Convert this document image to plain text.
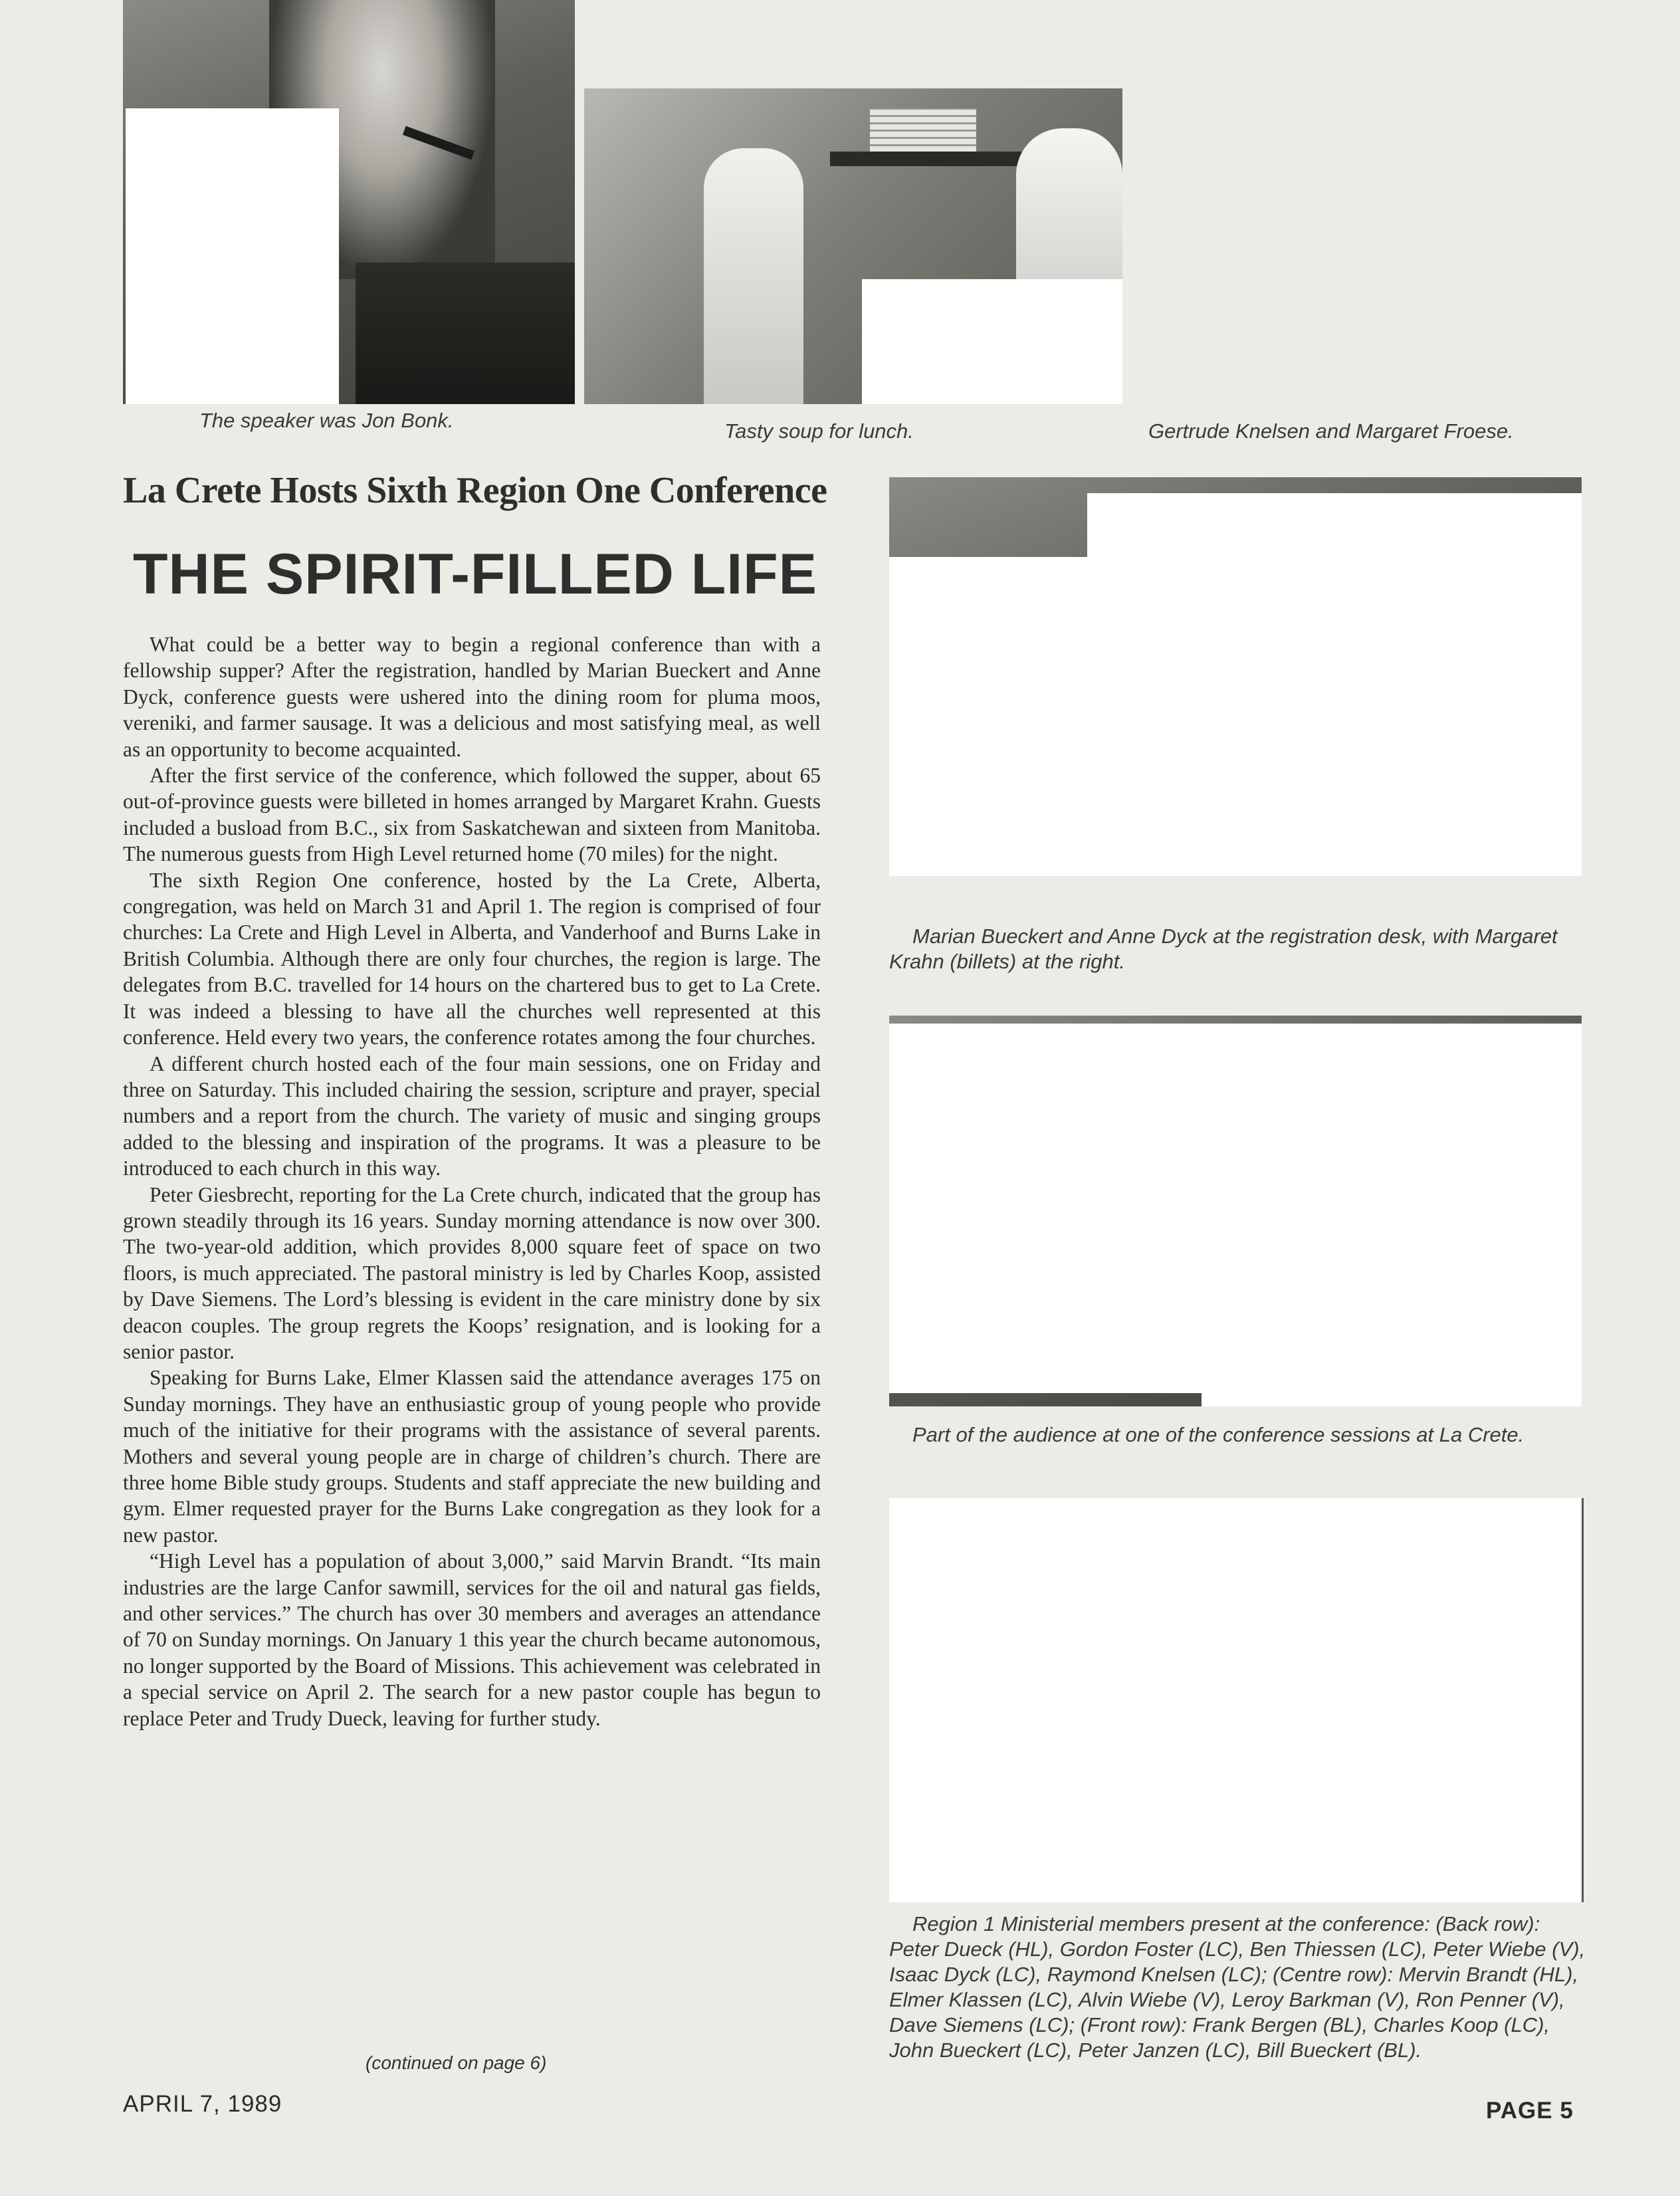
The speaker was Jon Bonk.	Tasty soup for lunch.	Gertrude Knelsen and Margaret Froese.
La Crete Hosts Sixth Region One Conference
THE SPIRIT-FILLED LIFE

What could be a better way to begin a regional conference than with a fellowship supper? After the registration, handled by Marian Bueckert and Anne Dyck, conference guests were ushered into the dining room for pluma moos, vereniki, and farmer sausage. It was a delicious and most satisfying meal, as well as an opportunity to become acquainted.

After the first service of the conference, which followed the supper, about 65 out-of-province guests were billeted in homes arranged by Margaret Krahn. Guests included a busload from B.C., six from Saskatchewan and sixteen from Manitoba. The numerous guests from High Level returned home (70 miles) for the night.

The sixth Region One conference, hosted by the La Crete, Alberta, congregation, was held on March 31 and April 1. The region is comprised of four churches: La Crete and High Level in Alberta, and Vanderhoof and Burns Lake in British Columbia. Although there are only four churches, the region is large. The delegates from B.C. travelled for 14 hours on the chartered bus to get to La Crete. It was indeed a blessing to have all the churches well represented at this conference. Held every two years, the conference rotates among the four churches.

A different church hosted each of the four main sessions, one on Friday and three on Saturday. This included chairing the session, scripture and prayer, special numbers and a report from the church. The variety of music and singing groups added to the blessing and inspiration of the programs. It was a pleasure to be introduced to each church in this way.

Peter Giesbrecht, reporting for the La Crete church, indicated that the group has grown steadily through its 16 years. Sunday morning attendance is now over 300. The two-year-old addition, which provides 8,000 square feet of space on two floors, is much appreciated. The pastoral ministry is led by Charles Koop, assisted by Dave Siemens. The Lord’s blessing is evident in the care ministry done by six deacon couples. The group regrets the Koops’ resignation, and is looking for a senior pastor.

Speaking for Burns Lake, Elmer Klassen said the attendance averages 175 on Sunday mornings. They have an enthusiastic group of young people who provide much of the initiative for their programs with the assistance of several parents. Mothers and several young people are in charge of children’s church. There are three home Bible study groups. Students and staff appreciate the new building and gym. Elmer requested prayer for the Burns Lake congregation as they look for a new pastor.

“High Level has a population of about 3,000,” said Marvin Brandt. “Its main industries are the large Canfor sawmill, services for the oil and natural gas fields, and other services.” The church has over 30 members and averages an attendance of 70 on Sunday mornings. On January 1 this year the church became autonomous, no longer supported by the Board of Missions. This achievement was celebrated in a special service on April 2. The search for a new pastor couple has begun to replace Peter and Trudy Dueck, leaving for further study.

(continued on page 6)
Marian Bueckert and Anne Dyck at the registration desk, with Margaret Krahn (billets) at the right.
Part of the audience at one of the conference sessions at La Crete.
Region 1 Ministerial members present at the conference: (Back row): Peter Dueck (HL), Gordon Foster (LC), Ben Thiessen (LC), Peter Wiebe (V), Isaac Dyck (LC), Raymond Knelsen (LC); (Centre row): Mervin Brandt (HL), Elmer Klassen (LC), Alvin Wiebe (V), Leroy Barkman (V), Ron Penner (V), Dave Siemens (LC); (Front row): Frank Bergen (BL), Charles Koop (LC), John Bueckert (LC), Peter Janzen (LC), Bill Bueckert (BL).
APRIL 7, 1989	PAGE 5
